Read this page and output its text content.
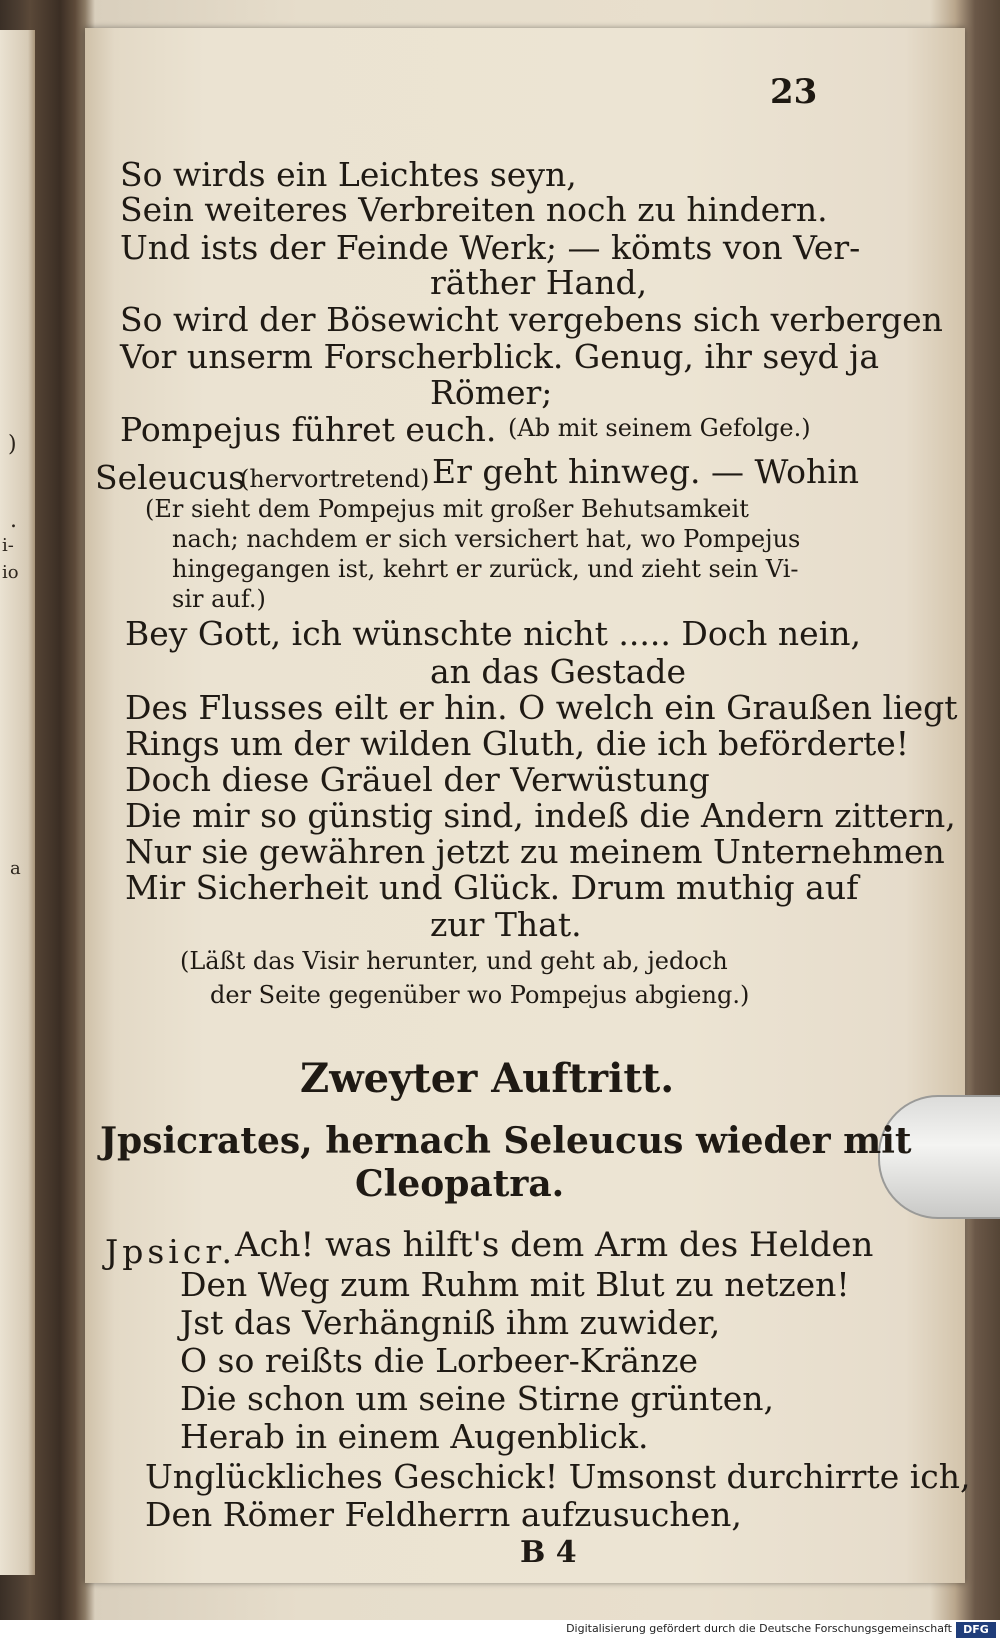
)
.
i-
io
a
23
So wirds ein Leichtes seyn,
Sein weiteres Verbreiten noch zu hindern.
Und ists der Feinde Werk; — kömts von Ver-
räther Hand,
So wird der Bösewicht vergebens sich verbergen
Vor unserm Forscherblick. Genug, ihr seyd ja
Römer;
Pompejus führet euch. (Ab mit seinem Gefolge.)
Seleucus
(hervortretend) Er geht hinweg. — Wohin
(Er sieht dem Pompejus mit großer Behutsamkeit
nach; nachdem er sich versichert hat, wo Pompejus
hingegangen ist, kehrt er zurück, und zieht sein Vi-
sir auf.)
Bey Gott, ich wünschte nicht ..... Doch nein,
an das Gestade
Des Flusses eilt er hin. O welch ein Graußen liegt
Rings um der wilden Gluth, die ich beförderte!
Doch diese Gräuel der Verwüstung
Die mir so günstig sind, indeß die Andern zittern,
Nur sie gewähren jetzt zu meinem Unternehmen
Mir Sicherheit und Glück. Drum muthig auf
zur That.
(Läßt das Visir herunter, und geht ab, jedoch
der Seite gegenüber wo Pompejus abgieng.)
Zweyter Auftritt.
Jpsicrates, hernach Seleucus wieder mit
Cleopatra.
Jpsicr. Ach! was hilft's dem Arm des Helden
Den Weg zum Ruhm mit Blut zu netzen!
Jst das Verhängniß ihm zuwider,
O so reißts die Lorbeer-Kränze
Die schon um seine Stirne grünten,
Herab in einem Augenblick.
Unglückliches Geschick! Umsonst durchirrte ich,
Den Römer Feldherrn aufzusuchen,
B 4
Digitalisierung gefördert durch die Deutsche Forschungsgemeinschaft	DFG
